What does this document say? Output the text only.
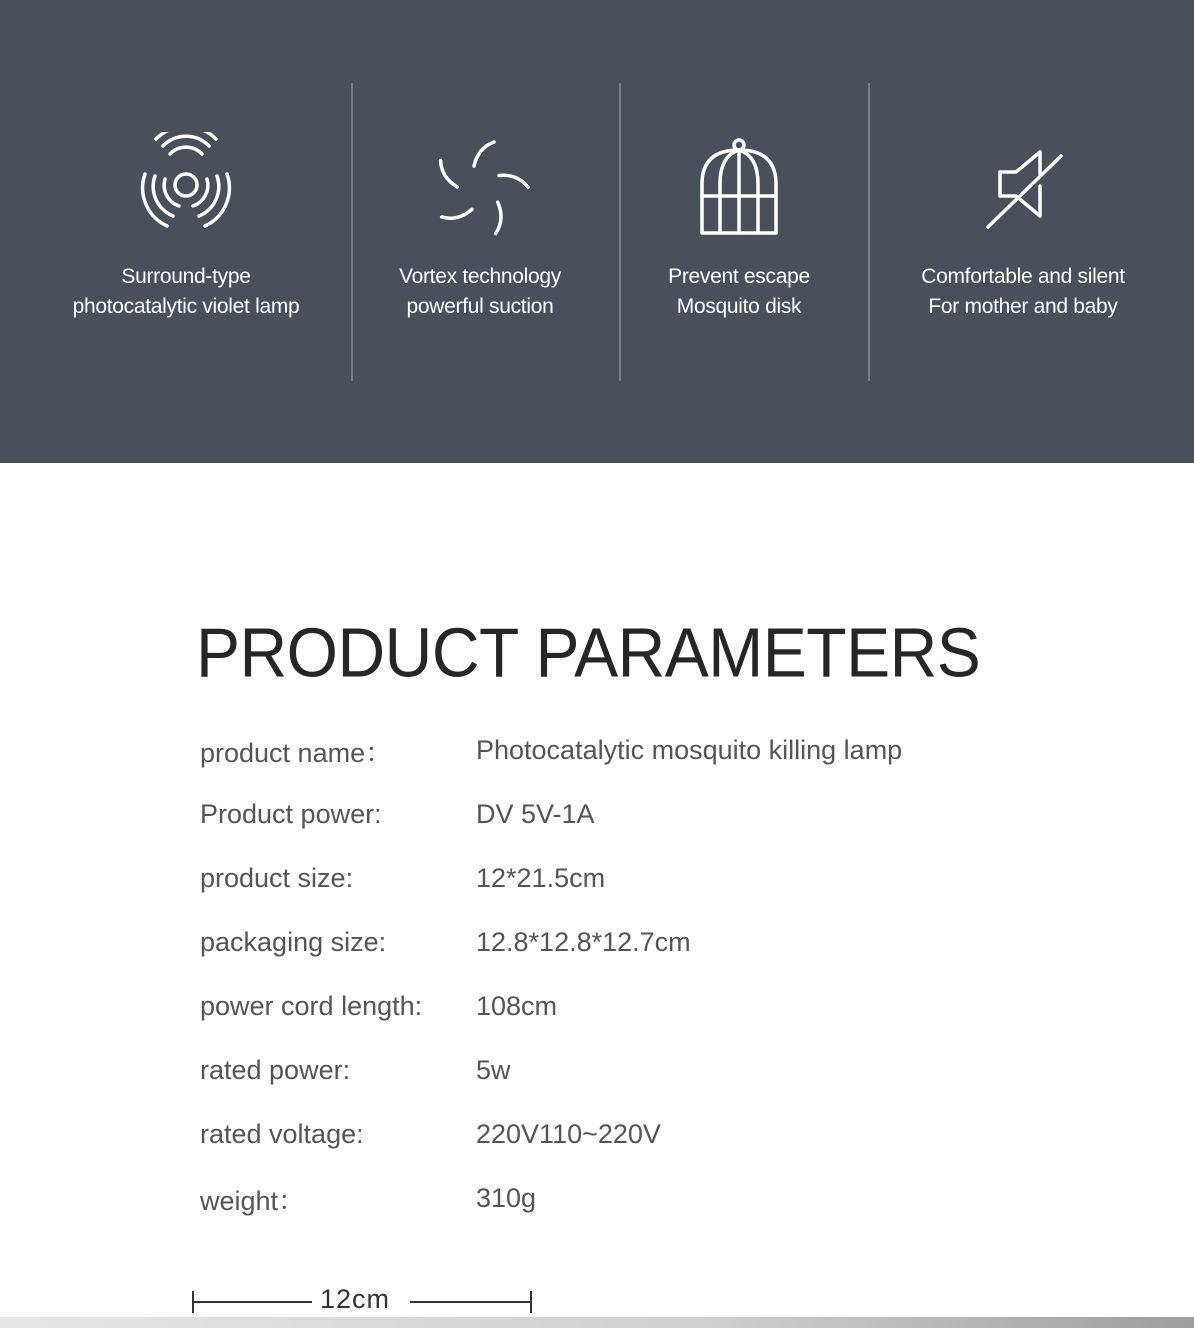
Surround-type
photocatalytic violet lamp
Vortex technology
powerful suction
Prevent escape
Mosquito disk
Comfortable and silent
For mother and baby
PRODUCT PARAMETERS
product name：	Photocatalytic mosquito killing lamp
Product power:	DV 5V-1A
product size:	12*21.5cm
packaging size:	12.8*12.8*12.7cm
power cord length:	108cm
rated power:	5w
rated voltage:	220V110~220V
weight：	310g
12cm
